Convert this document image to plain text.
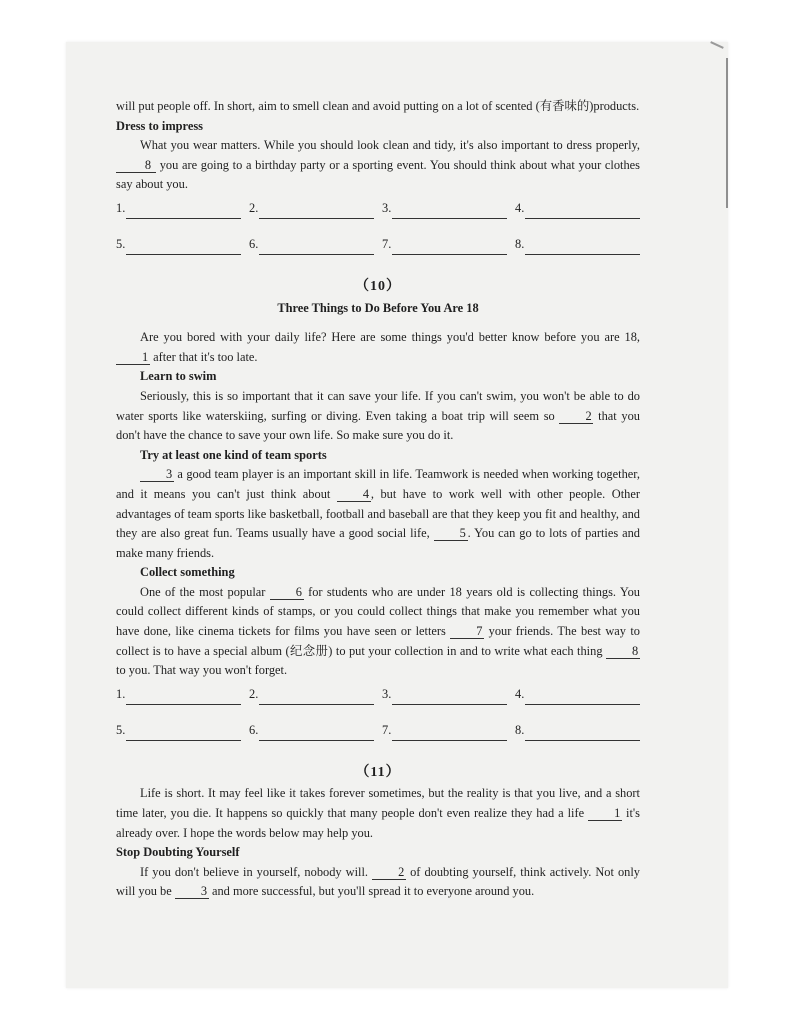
will put people off. In short, aim to smell clean and avoid putting on a lot of scented (有香味的)products.

Dress to impress

What you wear matters. While you should look clean and tidy, it's also important to dress properly, 8 you are going to a birthday party or a sporting event. You should think about what your clothes say about you.

1.	2.	3.	4.
5.	6.	7.	8.
（10）
Three Things to Do Before You Are 18

Are you bored with your daily life? Here are some things you'd better know before you are 18, 1 after that it's too late.

Learn to swim

Seriously, this is so important that it can save your life. If you can't swim, you won't be able to do water sports like waterskiing, surfing or diving. Even taking a boat trip will seem so 2 that you don't have the chance to save your own life. So make sure you do it.

Try at least one kind of team sports

3 a good team player is an important skill in life. Teamwork is needed when working together, and it means you can't just think about	4 , but have to work well with other people. Other advantages of team sports like basketball, football and baseball are that they keep you fit and healthy, and they are also great fun. Teams usually have a good social life, 5 . You can go to lots of parties and make many friends.

Collect something

One of the most popular 6 for students who are under 18 years old is collecting things. You could collect different kinds of stamps, or you could collect things that make you remember what you have done, like cinema tickets for films you have seen or letters 7 your friends. The best way to collect is to have a special album (纪念册) to put your collection in and to write what each thing 8 to you. That way you won't forget.

1.	2.	3.	4.
5.	6.	7.	8.
（11）

Life is short. It may feel like it takes forever sometimes, but the reality is that you live, and a short time later, you die. It happens so quickly that many people don't even realize they had a life 1 it's already over. I hope the words below may help you.

Stop Doubting Yourself

If you don't believe in yourself, nobody will. 2 of doubting yourself, think actively. Not only will you be 3 and more successful, but you'll spread it to everyone around you.
